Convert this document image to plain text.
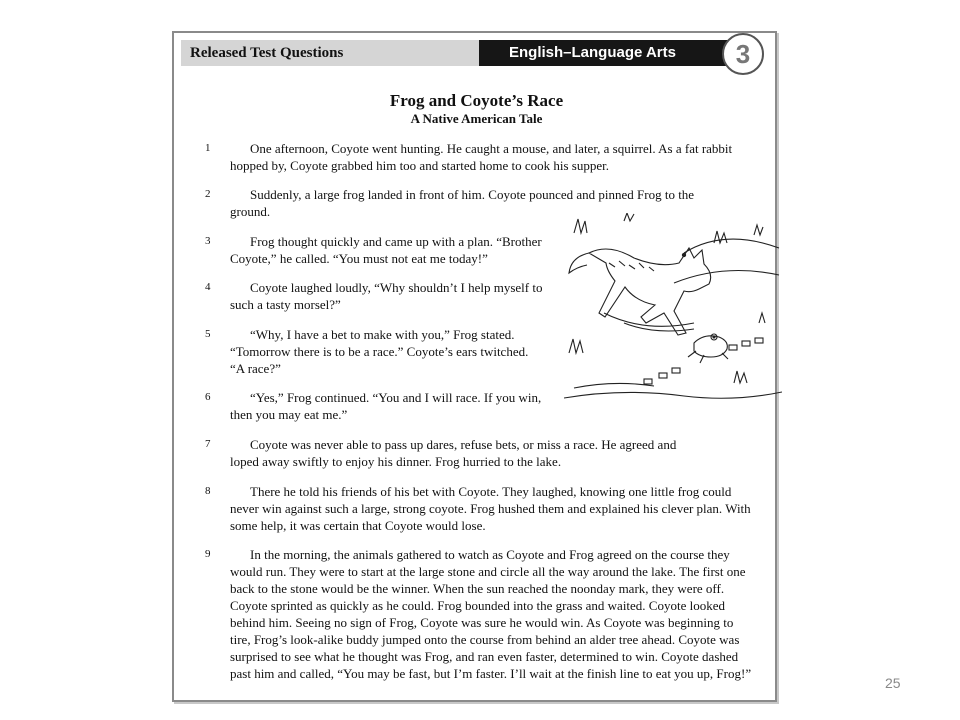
Released Test Questions	English–Language Arts	3
Frog and Coyote’s Race
A Native American Tale
1	One afternoon, Coyote went hunting. He caught a mouse, and later, a squirrel. As a fat rabbit hopped by, Coyote grabbed him too and started home to cook his supper.

2	Suddenly, a large frog landed in front of him. Coyote pounced and pinned Frog to the ground.

3	Frog thought quickly and came up with a plan. “Brother Coyote,” he called. “You must not eat me today!”

4	Coyote laughed loudly, “Why shouldn’t I help myself to such a tasty morsel?”

5	“Why, I have a bet to make with you,” Frog stated. “Tomorrow there is to be a race.” Coyote’s ears twitched. “A race?”

6	“Yes,” Frog continued. “You and I will race. If you win, then you may eat me.”

7	Coyote was never able to pass up dares, refuse bets, or miss a race. He agreed and loped away swiftly to enjoy his dinner. Frog hurried to the lake.

8	There he told his friends of his bet with Coyote. They laughed, knowing one little frog could never win against such a large, strong coyote. Frog hushed them and explained his clever plan. With some help, it was certain that Coyote would lose.

9	In the morning, the animals gathered to watch as Coyote and Frog agreed on the course they would run. They were to start at the large stone and circle all the way around the lake. The first one back to the stone would be the winner. When the sun reached the noonday mark, they were off. Coyote sprinted as quickly as he could. Frog bounded into the grass and waited. Coyote looked behind him. Seeing no sign of Frog, Coyote was sure he would win. As Coyote was beginning to tire, Frog’s look-alike buddy jumped onto the course from behind an alder tree ahead. Coyote was surprised to see what he thought was Frog, and ran even faster, determined to win. Coyote dashed past him and called, “You may be fast, but I’m faster. I’ll wait at the finish line to eat you up, Frog!”

25
